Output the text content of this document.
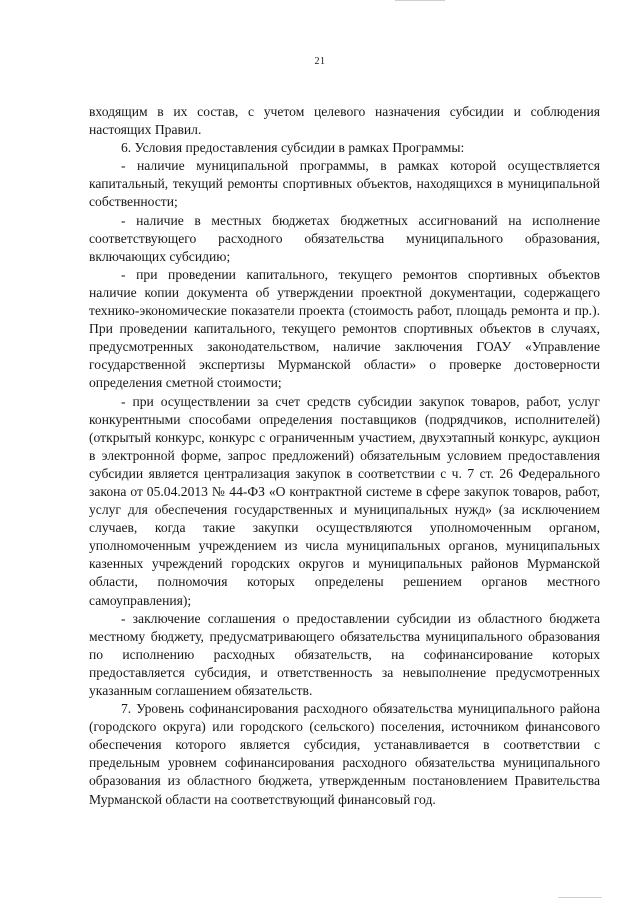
21

входящим в их состав, с учетом целевого назначения субсидии и соблюдения настоящих Правил.

6. Условия предоставления субсидии в рамках Программы:

- наличие муниципальной программы, в рамках которой осуществляется капитальный, текущий ремонты спортивных объектов, находящихся в муниципальной собственности;

- наличие в местных бюджетах бюджетных ассигнований на исполнение соответствующего расходного обязательства муниципального образования, включающих субсидию;

- при проведении капитального, текущего ремонтов спортивных объектов наличие копии документа об утверждении проектной документации, содержащего технико-экономические показатели проекта (стоимость работ, площадь ремонта и пр.). При проведении капитального, текущего ремонтов спортивных объектов в случаях, предусмотренных законодательством, наличие заключения ГОАУ «Управление государственной экспертизы Мурманской области» о проверке достоверности определения сметной стоимости;

- при осуществлении за счет средств субсидии закупок товаров, работ, услуг конкурентными способами определения поставщиков (подрядчиков, исполнителей) (открытый конкурс, конкурс с ограниченным участием, двухэтапный конкурс, аукцион в электронной форме, запрос предложений) обязательным условием предоставления субсидии является централизация закупок в соответствии с ч. 7 ст. 26 Федерального закона от 05.04.2013 № 44-ФЗ «О контрактной системе в сфере закупок товаров, работ, услуг для обеспечения государственных и муниципальных нужд» (за исключением случаев, когда такие закупки осуществляются уполномоченным органом, уполномоченным учреждением из числа муниципальных органов, муниципальных казенных учреждений городских округов и муниципальных районов Мурманской области, полномочия которых определены решением органов местного самоуправления);

- заключение соглашения о предоставлении субсидии из областного бюджета местному бюджету, предусматривающего обязательства муниципального образования по исполнению расходных обязательств, на софинансирование которых предоставляется субсидия, и ответственность за невыполнение предусмотренных указанным соглашением обязательств.

7. Уровень софинансирования расходного обязательства муниципального района (городского округа) или городского (сельского) поселения, источником финансового обеспечения которого является субсидия, устанавливается в соответствии с предельным уровнем софинансирования расходного обязательства муниципального образования из областного бюджета, утвержденным постановлением Правительства Мурманской области на соответствующий финансовый год.
